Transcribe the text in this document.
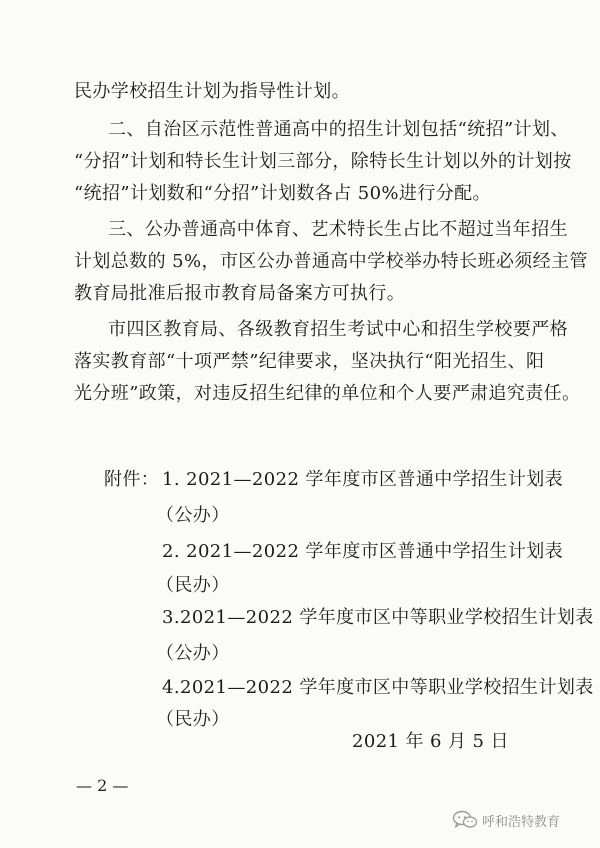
民办学校招生计划为指导性计划。
二、自治区示范性普通高中的招生计划包括“统招”计划、
“分招”计划和特长生计划三部分，除特长生计划以外的计划按
“统招”计划数和“分招”计划数各占 50%进行分配。
三、公办普通高中体育、艺术特长生占比不超过当年招生
计划总数的 5%，市区公办普通高中学校举办特长班必须经主管
教育局批准后报市教育局备案方可执行。
市四区教育局、各级教育招生考试中心和招生学校要严格
落实教育部“十项严禁”纪律要求，坚决执行“阳光招生、阳
光分班”政策，对违反招生纪律的单位和个人要严肃追究责任。
附件： 1. 2021—2022 学年度市区普通中学招生计划表
（公办）
2. 2021—2022 学年度市区普通中学招生计划表
（民办）
3.2021—2022 学年度市区中等职业学校招生计划表
（公办）
4.2021—2022 学年度市区中等职业学校招生计划表
（民办）
2021 年 6 月 5 日
— 2 —
呼和浩特教育
